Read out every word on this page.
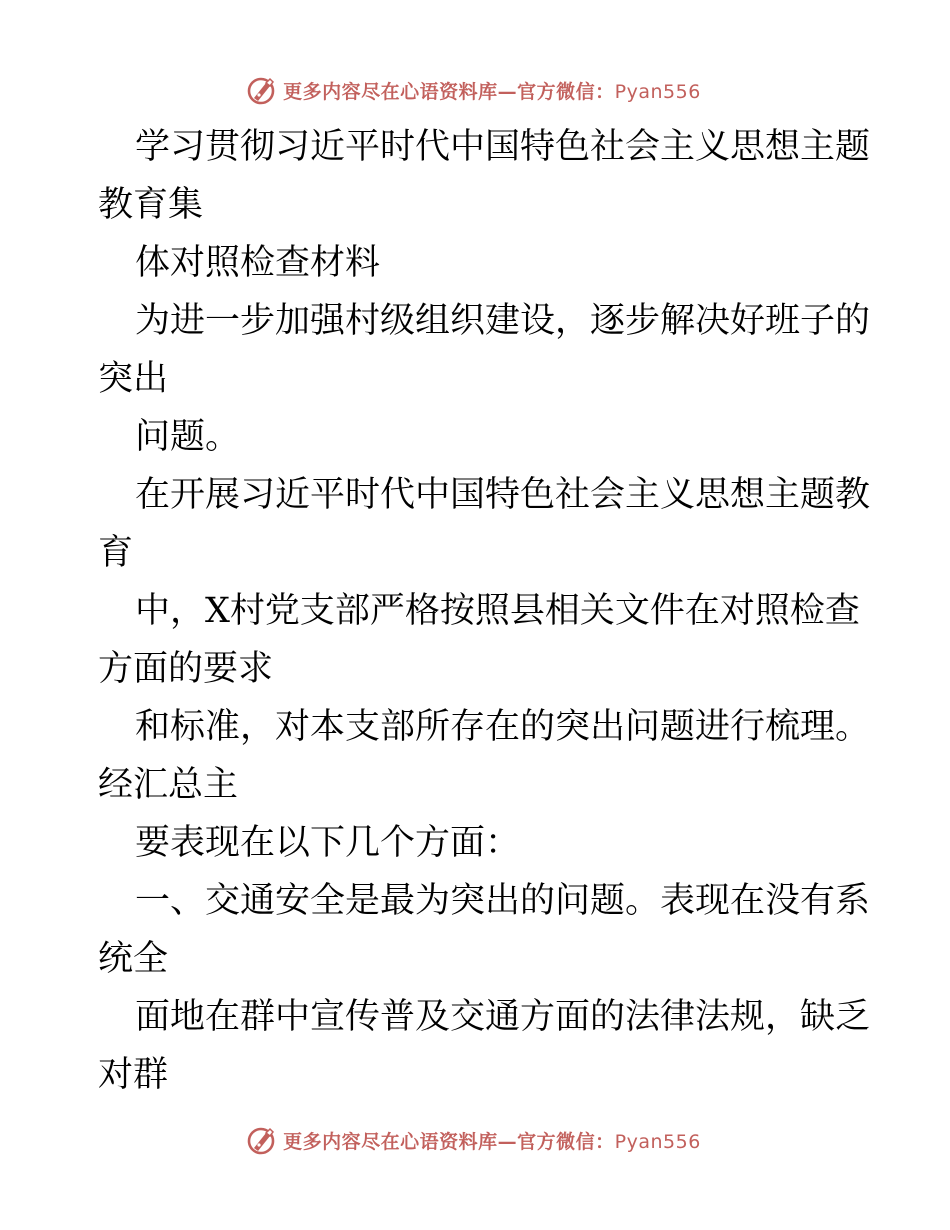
更多内容尽在心语资料库—官方微信：Pyan556
学习贯彻习近平时代中国特色社会主义思想主题
教育集
体对照检查材料
为进一步加强村级组织建设，逐步解决好班子的
突出
问题。
在开展习近平时代中国特色社会主义思想主题教
育
中，X村党支部严格按照县相关文件在对照检查
方面的要求
和标准，对本支部所存在的突出问题进行梳理。
经汇总主
要表现在以下几个方面：
一、交通安全是最为突出的问题。表现在没有系
统全
面地在群中宣传普及交通方面的法律法规，缺乏
对群
更多内容尽在心语资料库—官方微信：Pyan556
